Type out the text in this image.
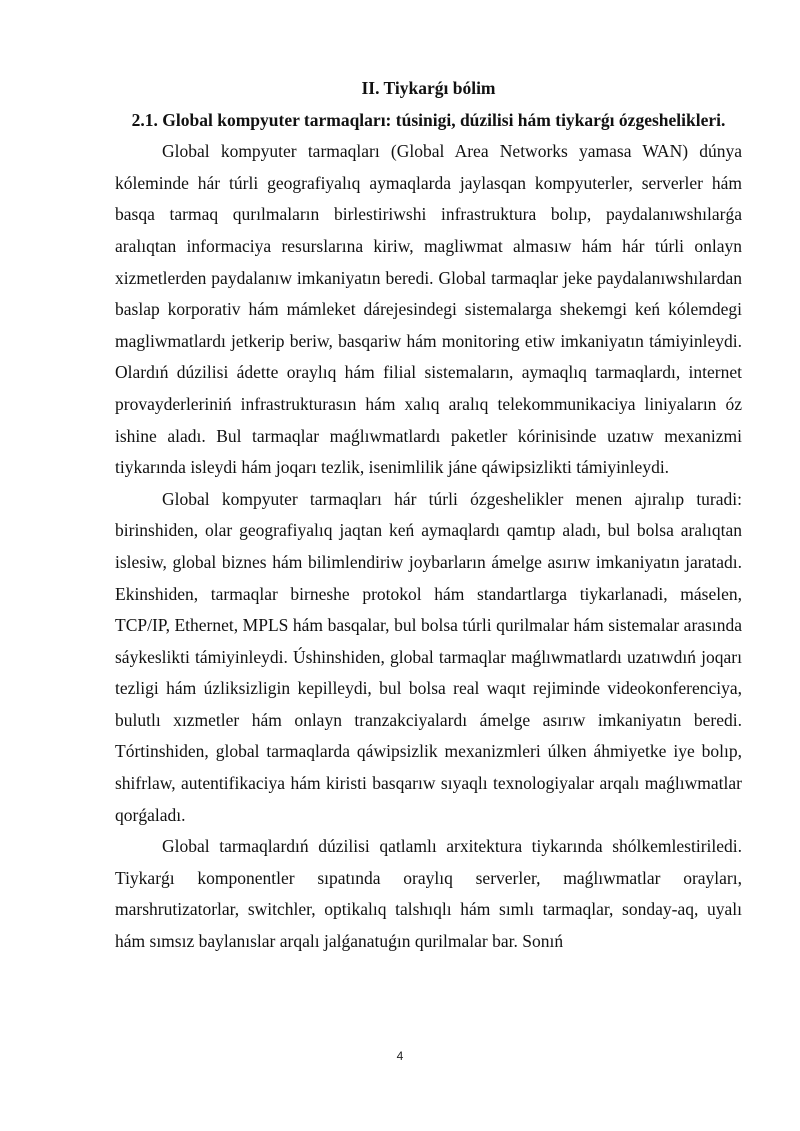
II. Tiykarǵı bólim
2.1. Global kompyuter tarmaqları: túsinigi, dúzilisi hám tiykarǵı ózgeshelikleri.

Global kompyuter tarmaqları (Global Area Networks yamasa WAN) dúnya kóleminde hár túrli geografiyalıq aymaqlarda jaylasqan kompyuterler, serverler hám basqa tarmaq qurılmaların birlestiriwshi infrastruktura bolıp, paydalanıwshılarǵa aralıqtan informaciya resurslarına kiriw, magliwmat almasıw hám hár túrli onlayn xizmetlerden paydalanıw imkaniyatın beredi. Global tarmaqlar jeke paydalanıwshılardan baslap korporativ hám mámleket dárejesindegi sistemalarga shekemgi keń kólemdegi magliwmatlardı jetkerip beriw, basqariw hám monitoring etiw imkaniyatın támiyinleydi. Olardıń dúzilisi ádette oraylıq hám filial sistemaların, aymaqlıq tarmaqlardı, internet provayderleriniń infrastrukturasın hám xalıq aralıq telekommunikaciya liniyaların óz ishine aladı. Bul tarmaqlar maǵlıwmatlardı paketler kórinisinde uzatıw mexanizmi tiykarında isleydi hám joqarı tezlik, isenimlilik jáne qáwipsizlikti támiyinleydi.

Global kompyuter tarmaqları hár túrli ózgeshelikler menen ajıralıp turadi: birinshiden, olar geografiyalıq jaqtan keń aymaqlardı qamtıp aladı, bul bolsa aralıqtan islesiw, global biznes hám bilimlendiriw joybarların ámelge asırıw imkaniyatın jaratadı. Ekinshiden, tarmaqlar birneshe protokol hám standartlarga tiykarlanadi, máselen, TCP/IP, Ethernet, MPLS hám basqalar, bul bolsa túrli qurilmalar hám sistemalar arasında sáykeslikti támiyinleydi. Úshinshiden, global tarmaqlar maǵlıwmatlardı uzatıwdıń joqarı tezligi hám úzliksizligin kepilleydi, bul bolsa real waqıt rejiminde videokonferenciya, bulutlı xızmetler hám onlayn tranzakciyalardı ámelge asırıw imkaniyatın beredi. Tórtinshiden, global tarmaqlarda qáwipsizlik mexanizmleri úlken áhmiyetke iye bolıp, shifrlaw, autentifikaciya hám kiristi basqarıw sıyaqlı texnologiyalar arqalı maǵlıwmatlar qorǵaladı.

Global tarmaqlardıń dúzilisi qatlamlı arxitektura tiykarında shólkemlestiriledi. Tiykarǵı komponentler sıpatında oraylıq serverler, maǵlıwmatlar orayları, marshrutizatorlar, switchler, optikalıq talshıqlı hám sımlı tarmaqlar, sonday-aq, uyalı hám sımsız baylanıslar arqalı jalǵanatuǵın qurilmalar bar. Sonıń

4
